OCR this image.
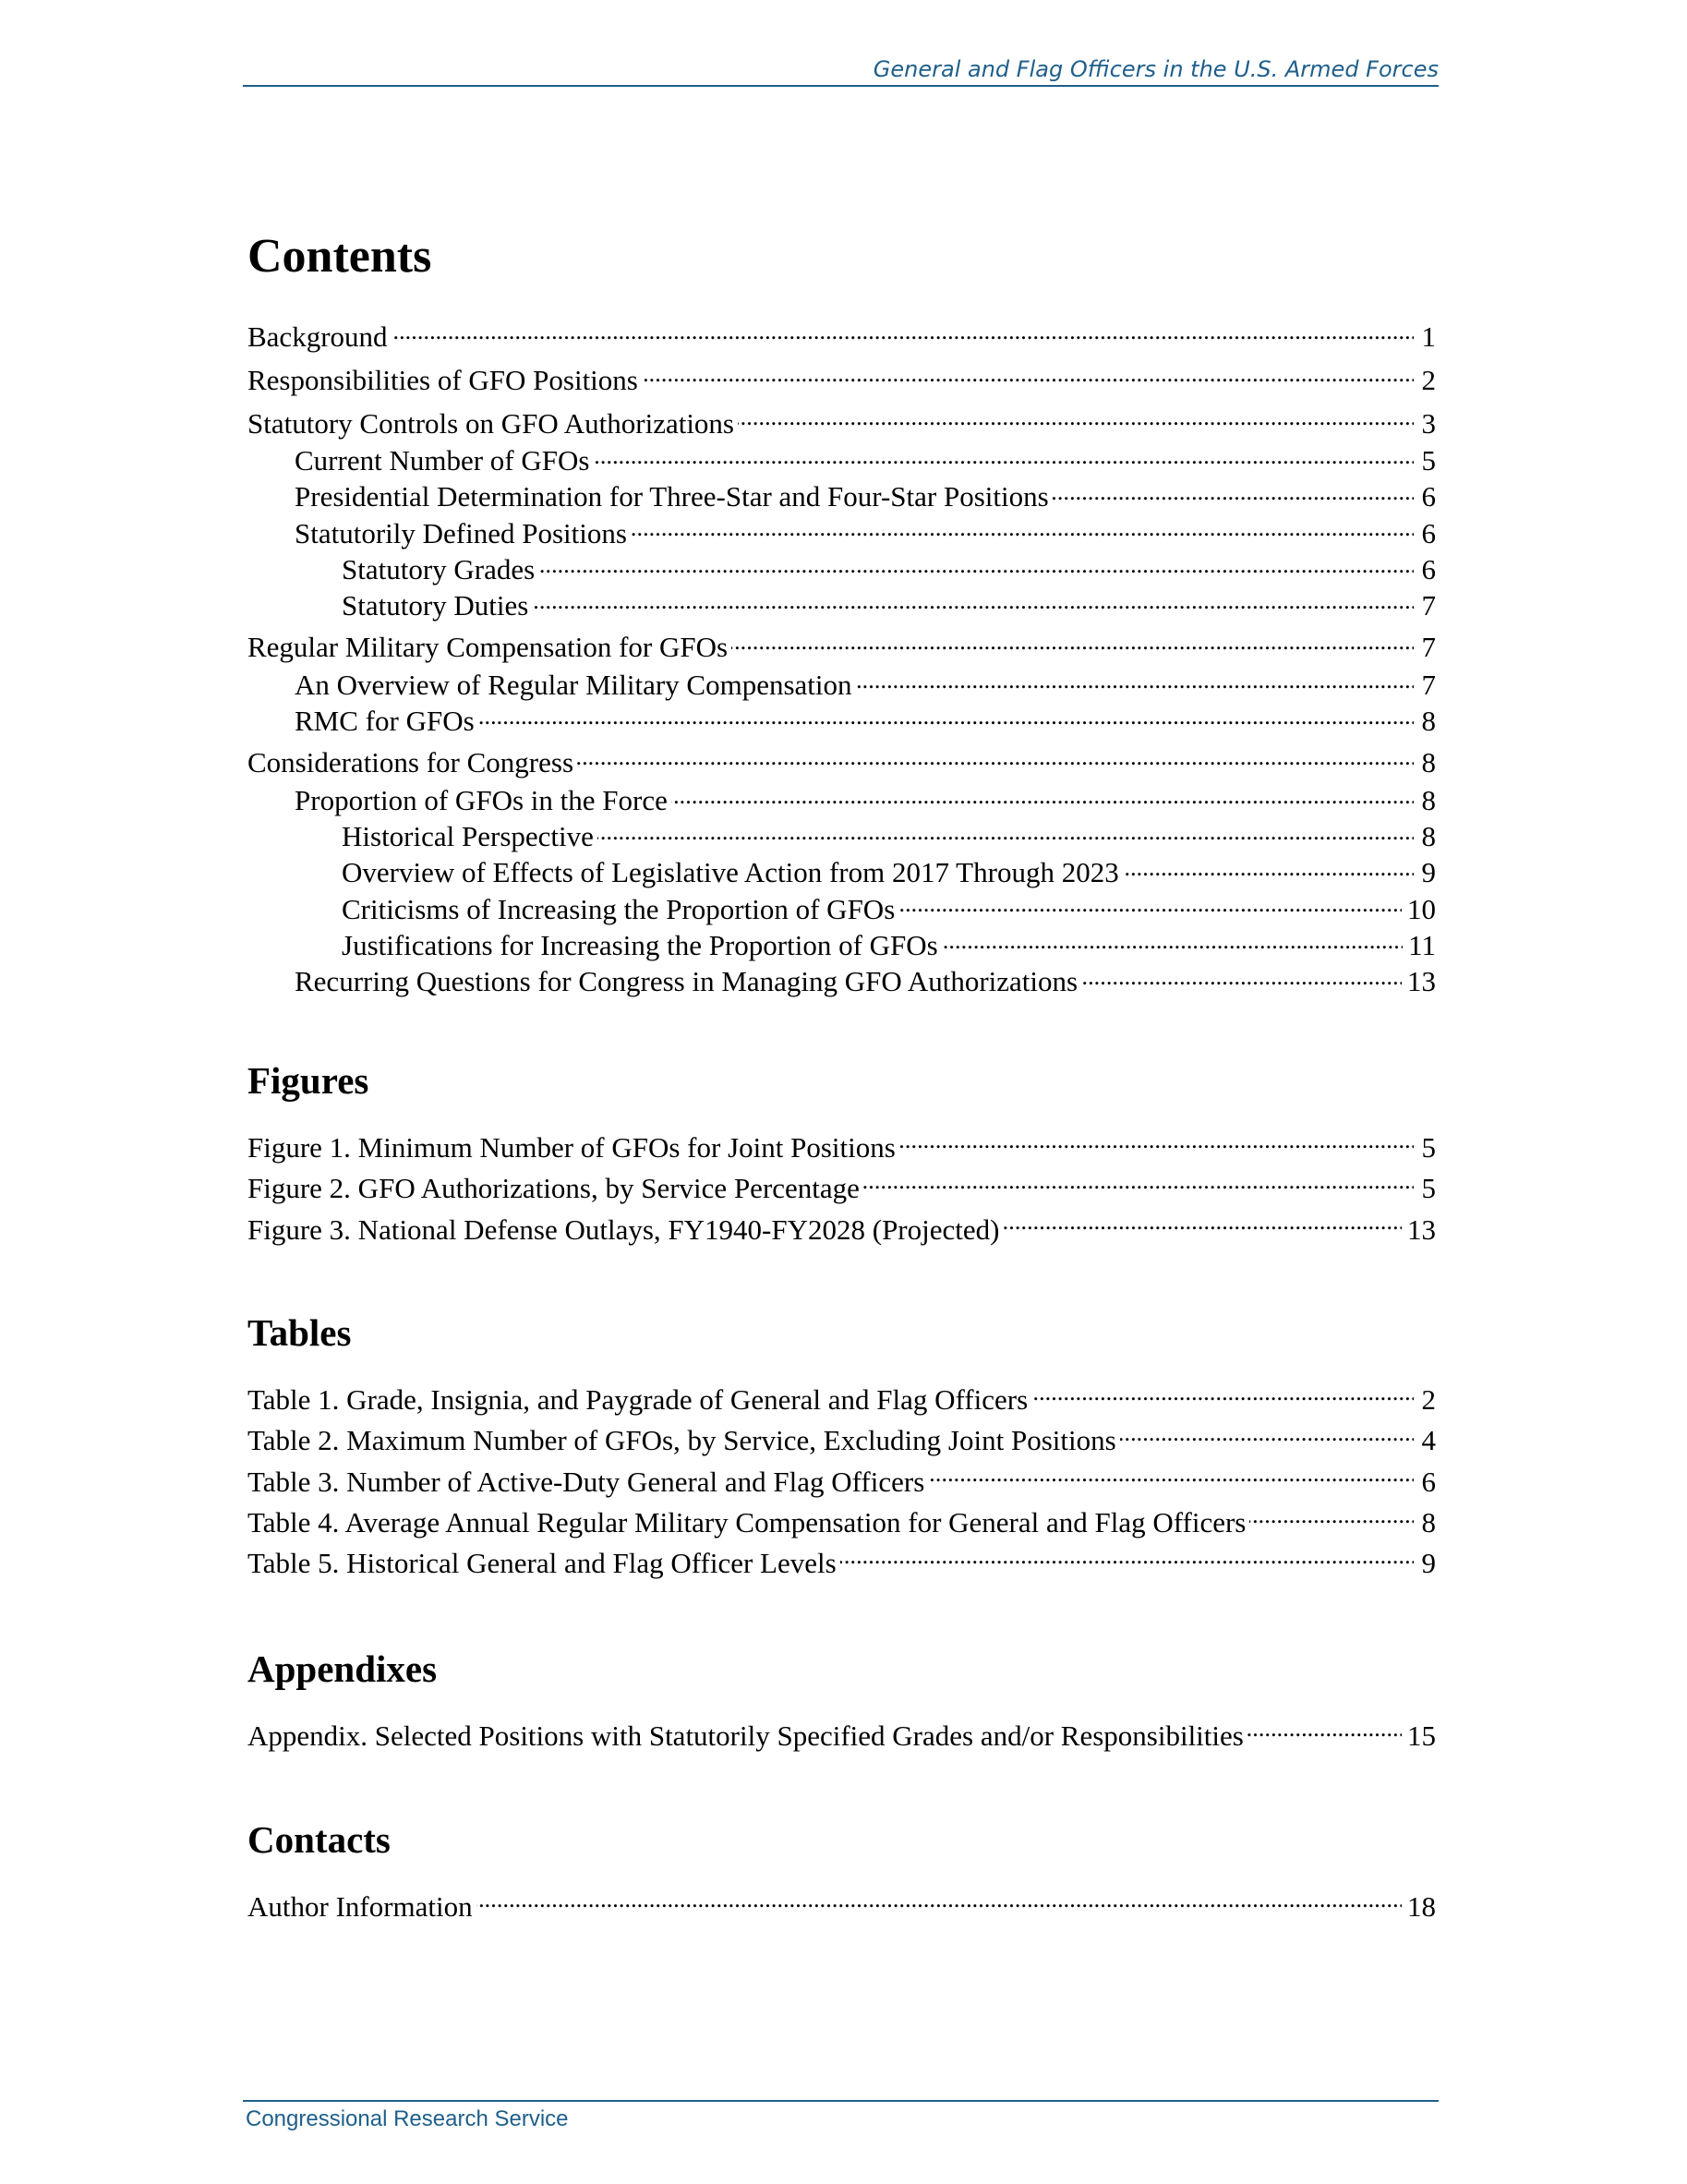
General and Flag Officers in the U.S. Armed Forces
Contents
Background . . .	1
Responsibilities of GFO Positions . . .	2
Statutory Controls on GFO Authorizations . . .	3
Current Number of GFOs . . .	5
Presidential Determination for Three-Star and Four-Star Positions . . .	6
Statutorily Defined Positions . . .	6
Statutory Grades . . .	6
Statutory Duties . . .	7
Regular Military Compensation for GFOs . . .	7
An Overview of Regular Military Compensation . . .	7
RMC for GFOs . . .	8
Considerations for Congress . . .	8
Proportion of GFOs in the Force . . .	8
Historical Perspective . . .	8
Overview of Effects of Legislative Action from 2017 Through 2023 . . .	9
Criticisms of Increasing the Proportion of GFOs . . .	10
Justifications for Increasing the Proportion of GFOs . . .	11
Recurring Questions for Congress in Managing GFO Authorizations . . .	13
Figures
Figure 1. Minimum Number of GFOs for Joint Positions . . .	5
Figure 2. GFO Authorizations, by Service Percentage . . .	5
Figure 3. National Defense Outlays, FY1940-FY2028 (Projected) . . .	13
Tables
Table 1. Grade, Insignia, and Paygrade of General and Flag Officers . . .	2
Table 2. Maximum Number of GFOs, by Service, Excluding Joint Positions . . .	4
Table 3. Number of Active-Duty General and Flag Officers . . .	6
Table 4. Average Annual Regular Military Compensation for General and Flag Officers . . .	8
Table 5. Historical General and Flag Officer Levels . . .	9
Appendixes
Appendix. Selected Positions with Statutorily Specified Grades and/or Responsibilities . . .	15
Contacts
Author Information . . .	18
Congressional Research Service
